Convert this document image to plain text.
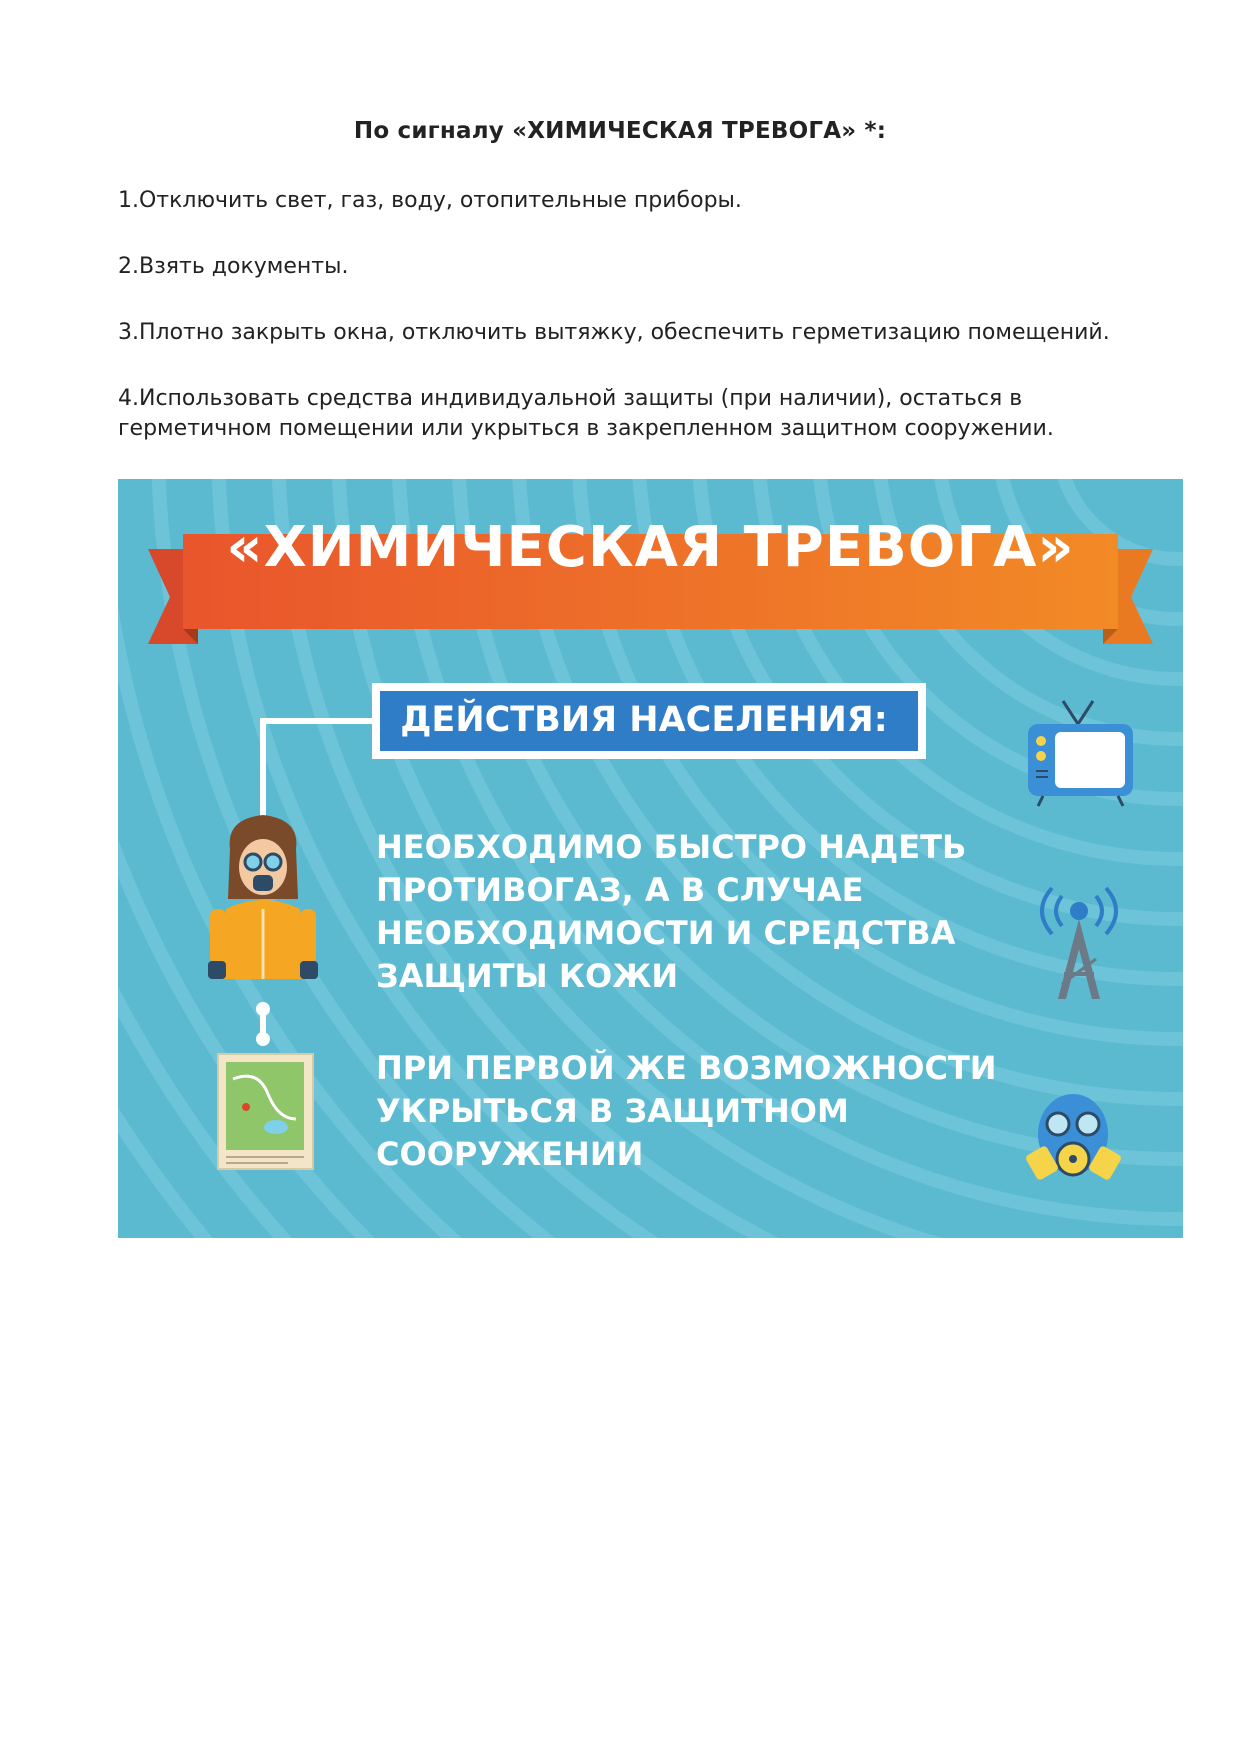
По сигналу «ХИМИЧЕСКАЯ ТРЕВОГА» *:
1.Отключить свет, газ, воду, отопительные приборы.
2.Взять документы.
3.Плотно закрыть окна, отключить вытяжку, обеспечить герметизацию помещений.
4.Использовать средства индивидуальной защиты (при наличии), остаться в герметичном помещении или укрыться в закрепленном защитном сооружении.
«ХИМИЧЕСКАЯ ТРЕВОГА»
ДЕЙСТВИЯ НАСЕЛЕНИЯ:
НЕОБХОДИМО БЫСТРО НАДЕТЬ ПРОТИВОГАЗ, А В СЛУЧАЕ НЕОБХОДИМОСТИ И СРЕДСТВА ЗАЩИТЫ КОЖИ
ПРИ ПЕРВОЙ ЖЕ ВОЗМОЖНОСТИ УКРЫТЬСЯ В ЗАЩИТНОМ СООРУЖЕНИИ
